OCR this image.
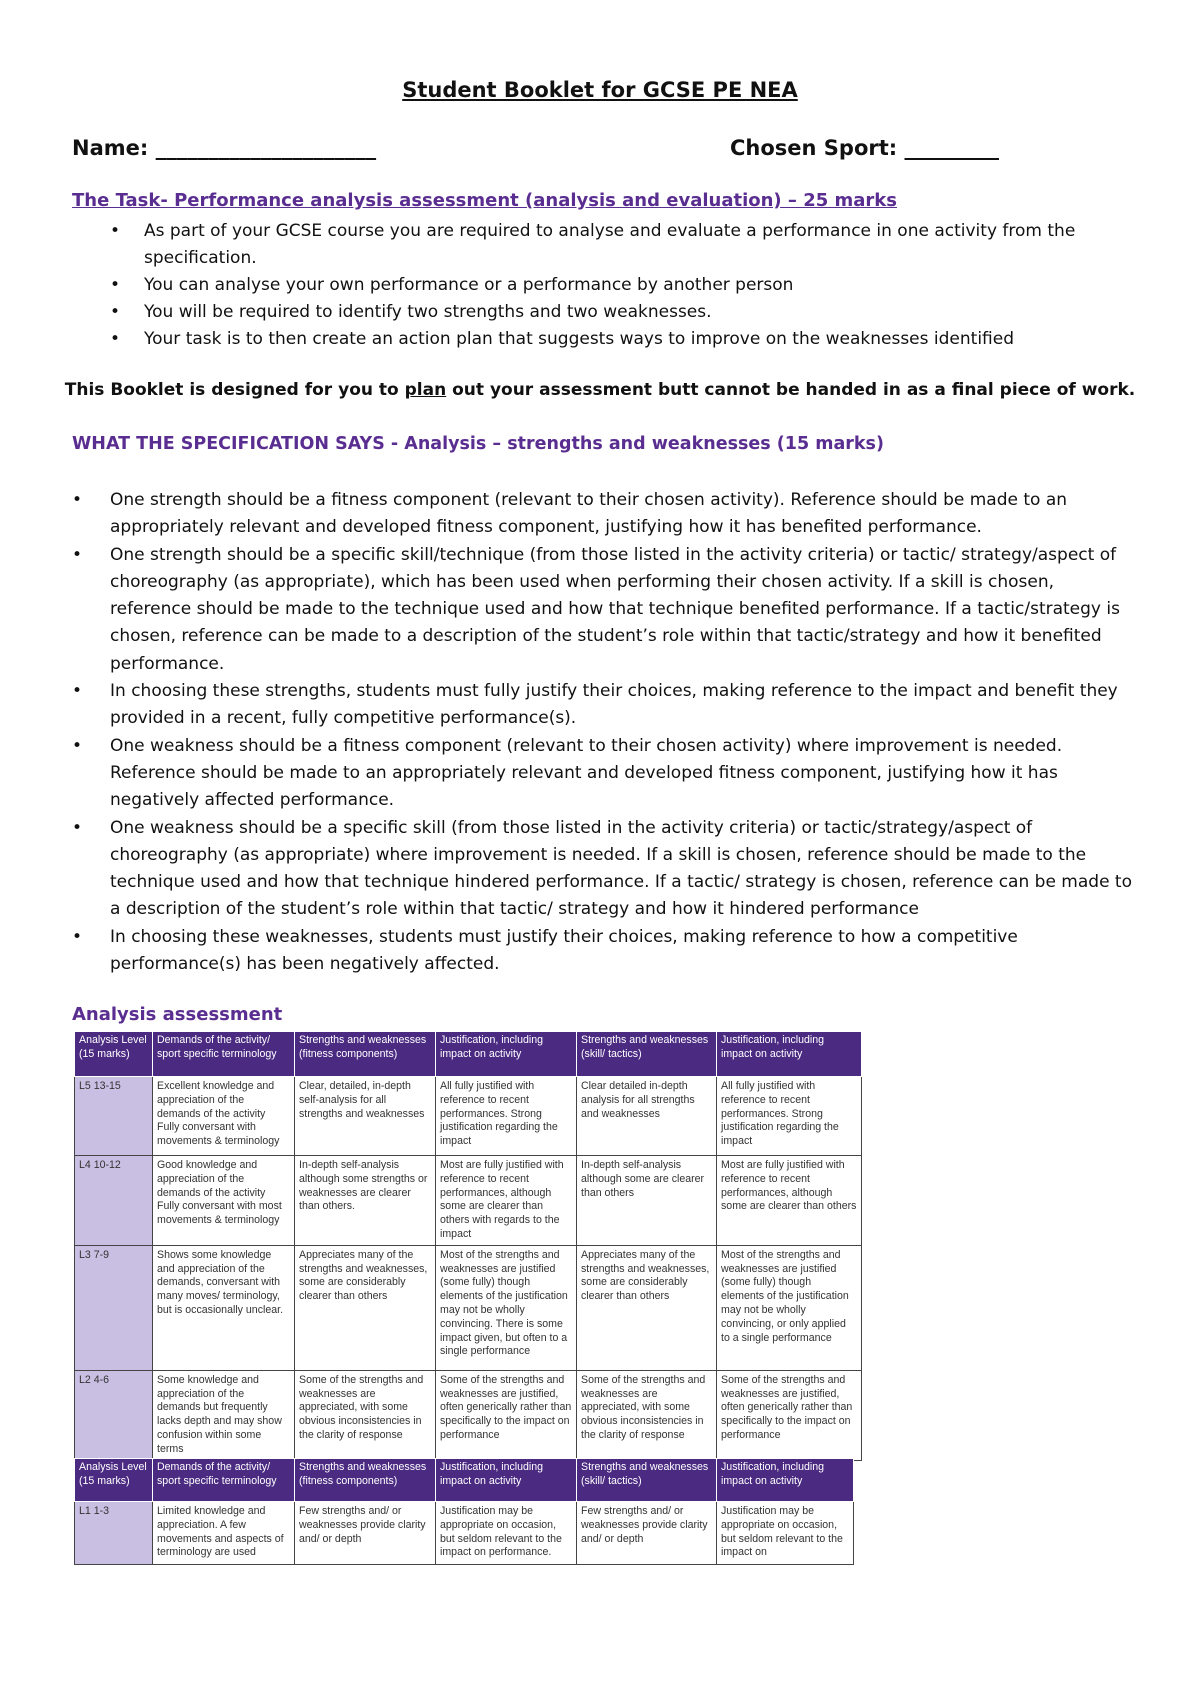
Student Booklet for GCSE PE NEA
Name: _____________________	Chosen Sport: _________
The Task- Performance analysis assessment (analysis and evaluation) – 25 marks
• As part of your GCSE course you are required to analyse and evaluate a performance in one activity from the specification.
• You can analyse your own performance or a performance by another person
• You will be required to identify two strengths and two weaknesses.
• Your task is to then create an action plan that suggests ways to improve on the weaknesses identified
This Booklet is designed for you to plan out your assessment butt cannot be handed in as a final piece of work.
WHAT THE SPECIFICATION SAYS - Analysis – strengths and weaknesses (15 marks)
• One strength should be a fitness component (relevant to their chosen activity). Reference should be made to an appropriately relevant and developed fitness component, justifying how it has benefited performance.
• One strength should be a specific skill/technique (from those listed in the activity criteria) or tactic/ strategy/aspect of choreography (as appropriate), which has been used when performing their chosen activity. If a skill is chosen, reference should be made to the technique used and how that technique benefited performance. If a tactic/strategy is chosen, reference can be made to a description of the student’s role within that tactic/strategy and how it benefited performance.
• In choosing these strengths, students must fully justify their choices, making reference to the impact and benefit they provided in a recent, fully competitive performance(s).
• One weakness should be a fitness component (relevant to their chosen activity) where improvement is needed. Reference should be made to an appropriately relevant and developed fitness component, justifying how it has negatively affected performance.
• One weakness should be a specific skill (from those listed in the activity criteria) or tactic/strategy/aspect of choreography (as appropriate) where improvement is needed. If a skill is chosen, reference should be made to the technique used and how that technique hindered performance. If a tactic/ strategy is chosen, reference can be made to a description of the student’s role within that tactic/ strategy and how it hindered performance
• In choosing these weaknesses, students must justify their choices, making reference to how a competitive performance(s) has been negatively affected.
Analysis assessment
Analysis Level (15 marks)	Demands of the activity/ sport specific terminology	Strengths and weaknesses (fitness components)	Justification, including impact on activity	Strengths and weaknesses (skill/ tactics)	Justification, including impact on activity
L5 13-15	Excellent knowledge and appreciation of the demands of the activity Fully conversant with movements & terminology	Clear, detailed, in-depth self-analysis for all strengths and weaknesses	All fully justified with reference to recent performances. Strong justification regarding the impact	Clear detailed in-depth analysis for all strengths and weaknesses	All fully justified with reference to recent performances. Strong justification regarding the impact
L4 10-12	Good knowledge and appreciation of the demands of the activity Fully conversant with most movements & terminology	In-depth self-analysis although some strengths or weaknesses are clearer than others.	Most are fully justified with reference to recent performances, although some are clearer than others with regards to the impact	In-depth self-analysis although some are clearer than others	Most are fully justified with reference to recent performances, although some are clearer than others
L3 7-9	Shows some knowledge and appreciation of the demands, conversant with many moves/ terminology, but is occasionally unclear.	Appreciates many of the strengths and weaknesses, some are considerably clearer than others	Most of the strengths and weaknesses are justified (some fully) though elements of the justification may not be wholly convincing. There is some impact given, but often to a single performance	Appreciates many of the strengths and weaknesses, some are considerably clearer than others	Most of the strengths and weaknesses are justified (some fully) though elements of the justification may not be wholly convincing, or only applied to a single performance
L2 4-6	Some knowledge and appreciation of the demands but frequently lacks depth and may show confusion within some terms	Some of the strengths and weaknesses are appreciated, with some obvious inconsistencies in the clarity of response	Some of the strengths and weaknesses are justified, often generically rather than specifically to the impact on performance	Some of the strengths and weaknesses are appreciated, with some obvious inconsistencies in the clarity of response	Some of the strengths and weaknesses are justified, often generically rather than specifically to the impact on performance
Analysis Level (15 marks)	Demands of the activity/ sport specific terminology	Strengths and weaknesses (fitness components)	Justification, including impact on activity	Strengths and weaknesses (skill/ tactics)	Justification, including impact on activity
L1 1-3	Limited knowledge and appreciation. A few movements and aspects of terminology are used	Few strengths and/ or weaknesses provide clarity and/ or depth	Justification may be appropriate on occasion, but seldom relevant to the impact on performance.	Few strengths and/ or weaknesses provide clarity and/ or depth	Justification may be appropriate on occasion, but seldom relevant to the impact on
